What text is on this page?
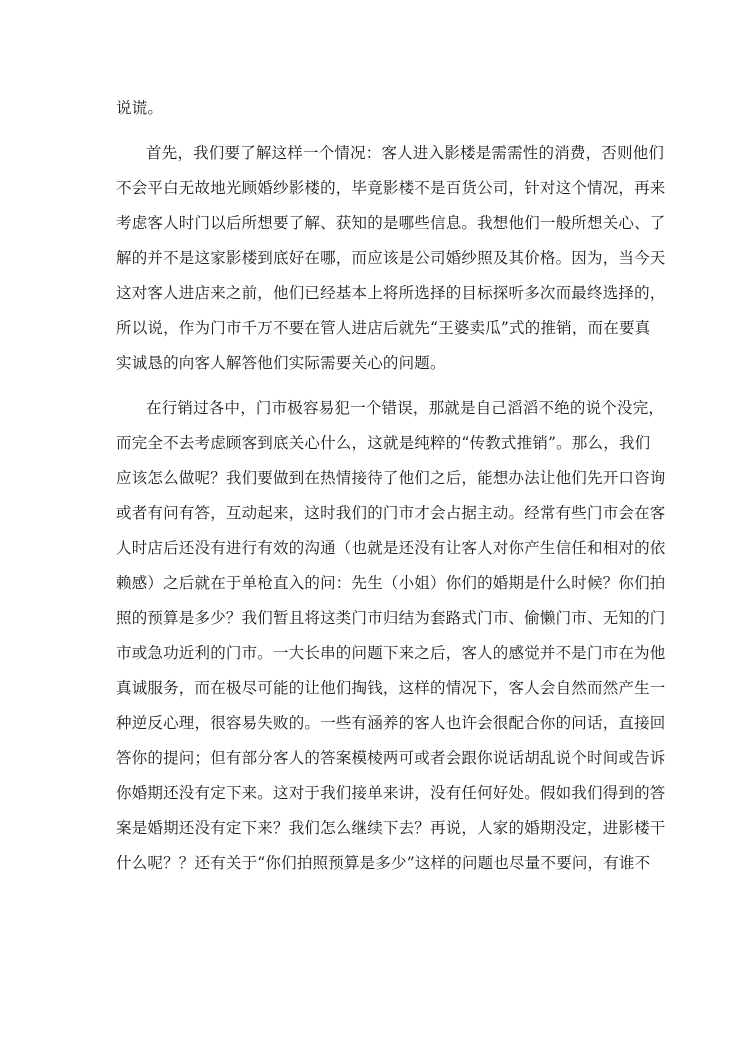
说谎。
首先，我们要了解这样一个情况：客人进入影楼是需需性的消费，否则他们
不会平白无故地光顾婚纱影楼的，毕竟影楼不是百货公司，针对这个情况，再来
考虑客人时门以后所想要了解、获知的是哪些信息。我想他们一般所想关心、了
解的并不是这家影楼到底好在哪，而应该是公司婚纱照及其价格。因为，当今天
这对客人进店来之前，他们已经基本上将所选择的目标探听多次而最终选择的，
所以说，作为门市千万不要在管人进店后就先“王婆卖瓜”式的推销，而在要真
实诚恳的向客人解答他们实际需要关心的问题。
在行销过各中，门市极容易犯一个错误，那就是自己滔滔不绝的说个没完，
而完全不去考虑顾客到底关心什么，这就是纯粹的“传教式推销”。那么，我们
应该怎么做呢？我们要做到在热情接待了他们之后，能想办法让他们先开口咨询
或者有问有答，互动起来，这时我们的门市才会占据主动。经常有些门市会在客
人时店后还没有进行有效的沟通（也就是还没有让客人对你产生信任和相对的依
赖感）之后就在于单枪直入的问：先生（小姐）你们的婚期是什么时候？你们拍
照的预算是多少？我们暂且将这类门市归结为套路式门市、偷懒门市、无知的门
市或急功近利的门市。一大长串的问题下来之后，客人的感觉并不是门市在为他
真诚服务，而在极尽可能的让他们掏钱，这样的情况下，客人会自然而然产生一
种逆反心理，很容易失败的。一些有涵养的客人也许会很配合你的问话，直接回
答你的提问；但有部分客人的答案模棱两可或者会跟你说话胡乱说个时间或告诉
你婚期还没有定下来。这对于我们接单来讲，没有任何好处。假如我们得到的答
案是婚期还没有定下来？我们怎么继续下去？再说，人家的婚期没定，进影楼干
什么呢？？还有关于“你们拍照预算是多少”这样的问题也尽量不要问，有谁不
